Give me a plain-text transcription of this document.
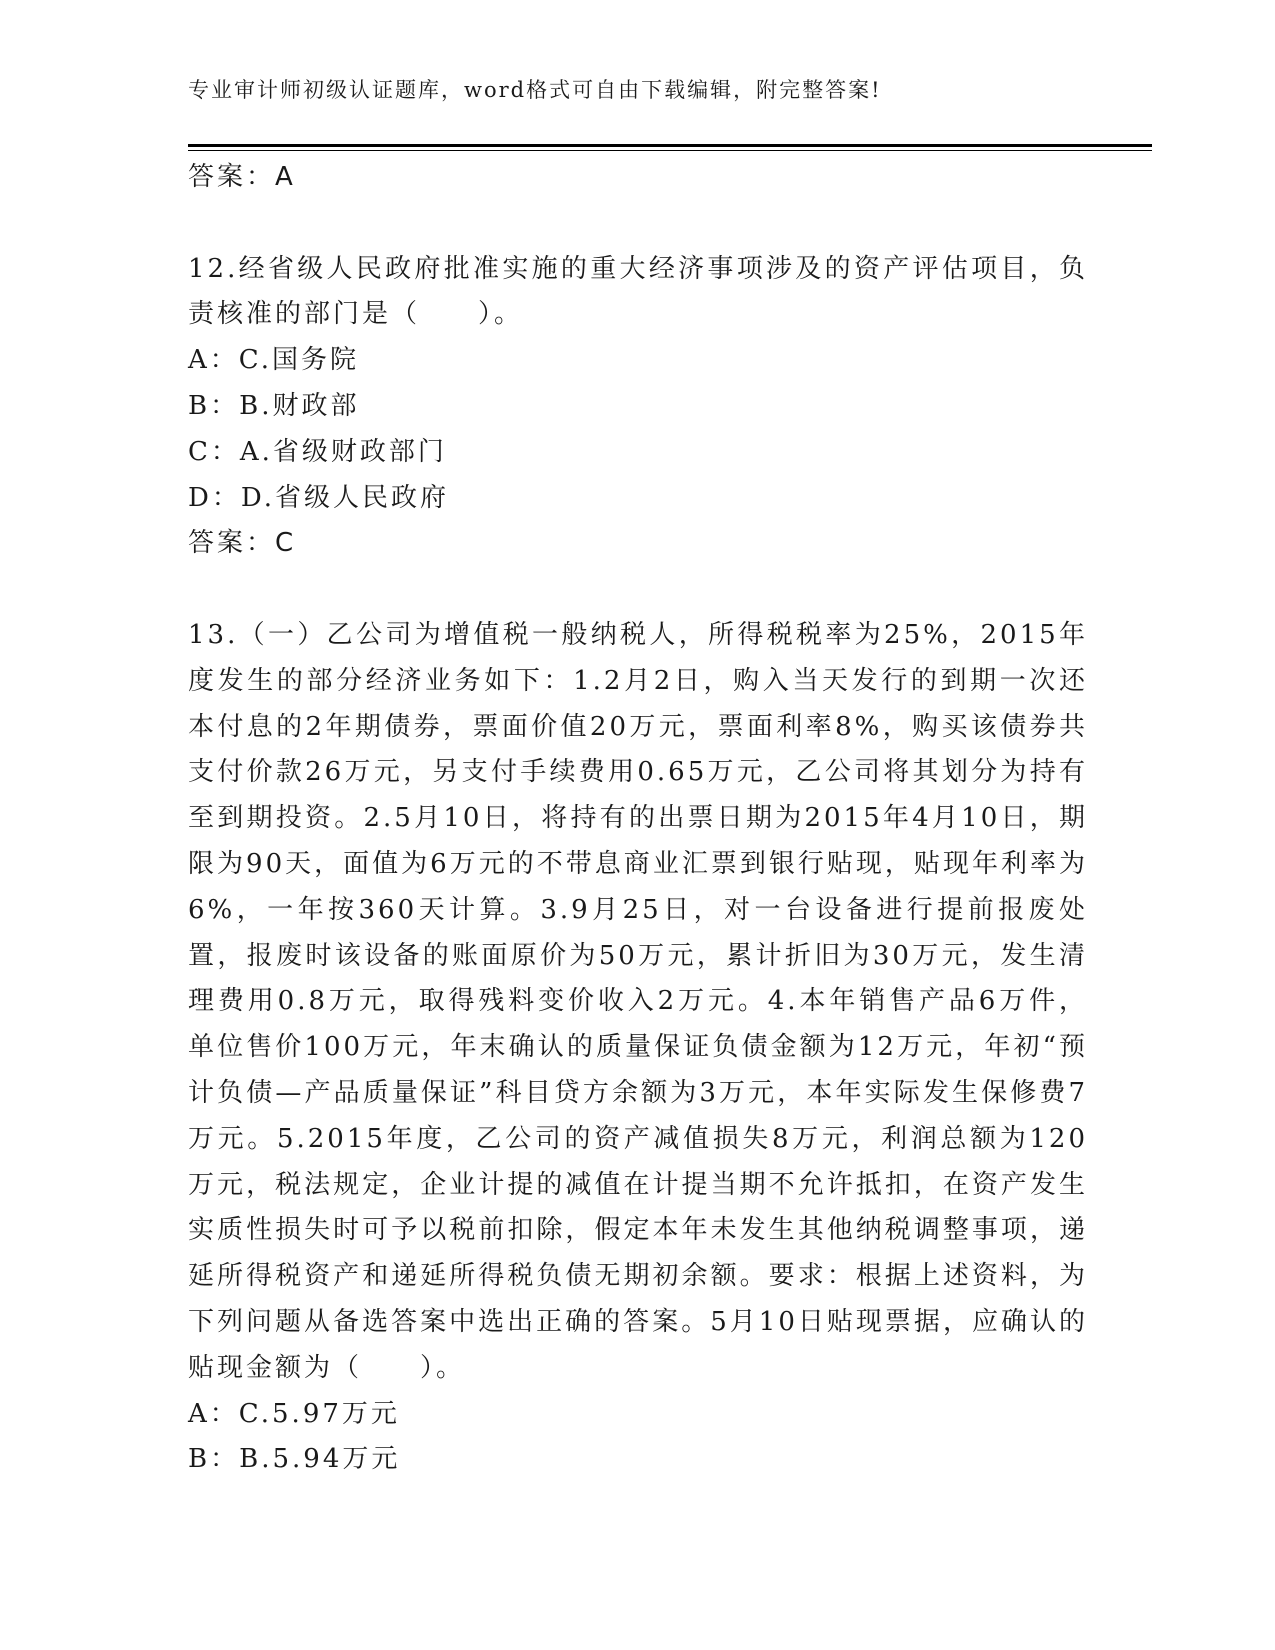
专业审计师初级认证题库，word格式可自由下载编辑，附完整答案!

答案：A

12.经省级人民政府批准实施的重大经济事项涉及的资产评估项目，负责核准的部门是（　　）。

A：C.国务院

B：B.财政部

C：A.省级财政部门

D：D.省级人民政府

答案：C

13.（一）乙公司为增值税一般纳税人，所得税税率为25%，2015年度发生的部分经济业务如下：1.2月2日，购入当天发行的到期一次还本付息的2年期债券，票面价值20万元，票面利率8%，购买该债券共支付价款26万元，另支付手续费用0.65万元，乙公司将其划分为持有至到期投资。2.5月10日，将持有的出票日期为2015年4月10日，期限为90天，面值为6万元的不带息商业汇票到银行贴现，贴现年利率为6%，一年按360天计算。3.9月25日，对一台设备进行提前报废处置，报废时该设备的账面原价为50万元，累计折旧为30万元，发生清理费用0.8万元，取得残料变价收入2万元。4.本年销售产品6万件，单位售价100万元，年末确认的质量保证负债金额为12万元，年初“预计负债—产品质量保证”科目贷方余额为3万元，本年实际发生保修费7万元。5.2015年度，乙公司的资产减值损失8万元，利润总额为120万元，税法规定，企业计提的减值在计提当期不允许抵扣，在资产发生实质性损失时可予以税前扣除，假定本年未发生其他纳税调整事项，递延所得税资产和递延所得税负债无期初余额。要求：根据上述资料，为下列问题从备选答案中选出正确的答案。5月10日贴现票据，应确认的贴现金额为（　　）。

A：C.5.97万元

B：B.5.94万元
